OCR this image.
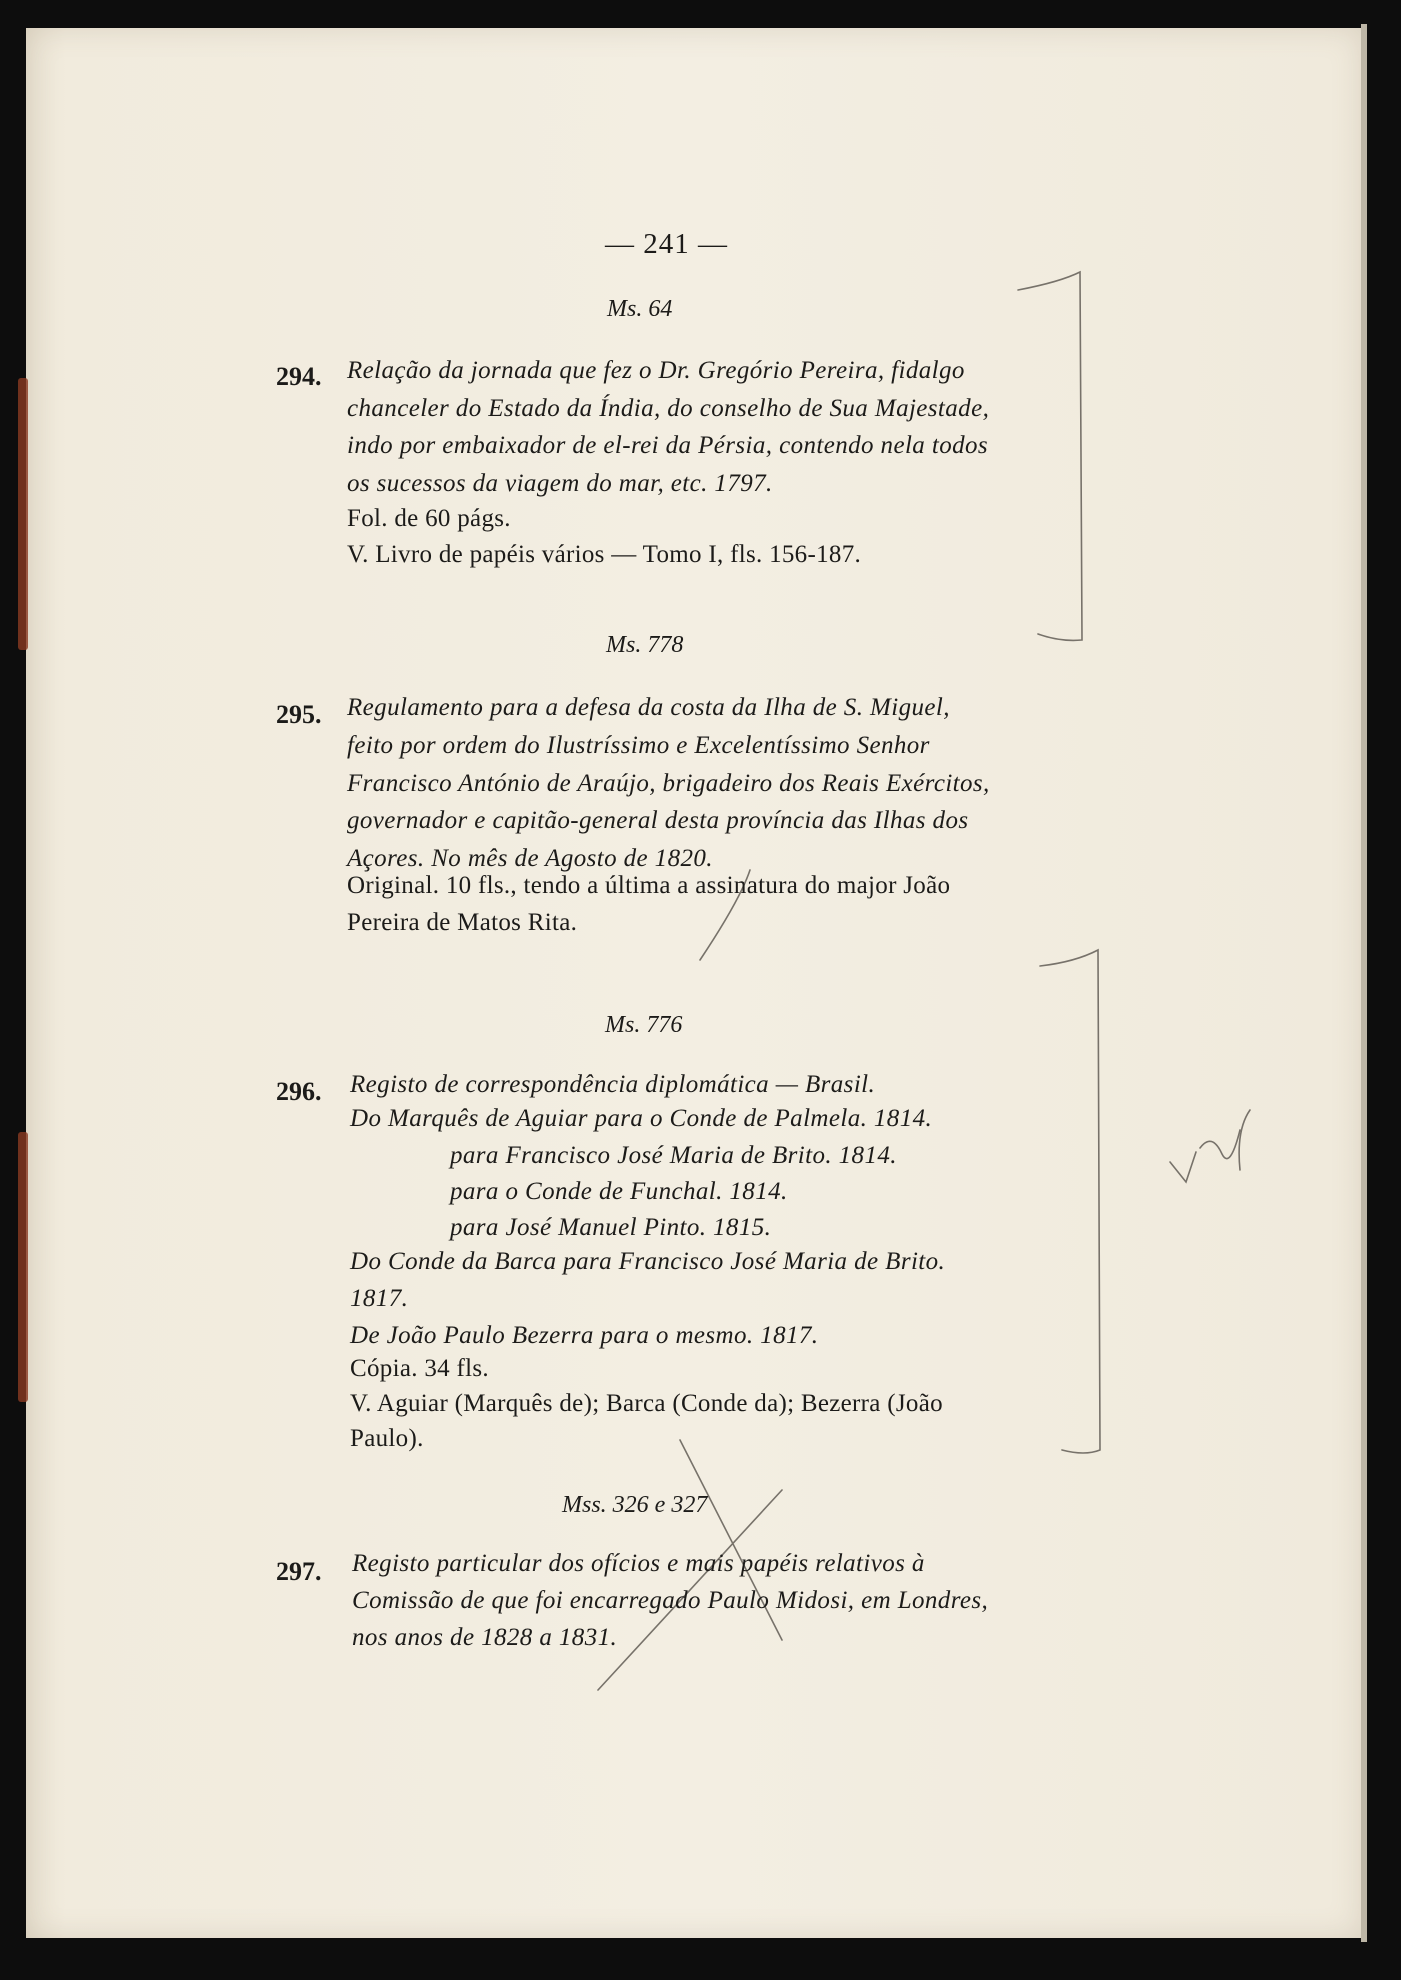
— 241 —
Ms. 64
294. Relação da jornada que fez o Dr. Gregório Pereira, fidalgo
chanceler do Estado da Índia, do conselho de Sua Majestade,
indo por embaixador de el-rei da Pérsia, contendo nela todos
os sucessos da viagem do mar, etc. 1797.
Fol. de 60 págs.
V. Livro de papéis vários — Tomo I, fls. 156-187.
Ms. 778
295. Regulamento para a defesa da costa da Ilha de S. Miguel,
feito por ordem do Ilustríssimo e Excelentíssimo Senhor
Francisco António de Araújo, brigadeiro dos Reais Exércitos,
governador e capitão-general desta província das Ilhas dos
Açores. No mês de Agosto de 1820.
Original. 10 fls., tendo a última a assinatura do major João
Pereira de Matos Rita.
Ms. 776
296. Registo de correspondência diplomática — Brasil.
Do Marquês de Aguiar para o Conde de Palmela. 1814.
para Francisco José Maria de Brito. 1814.
para o Conde de Funchal. 1814.
para José Manuel Pinto. 1815.
Do Conde da Barca para Francisco José Maria de Brito.
1817.
De João Paulo Bezerra para o mesmo. 1817.
Cópia. 34 fls.
V. Aguiar (Marquês de); Barca (Conde da); Bezerra (João
Paulo).
Mss. 326 e 327
297. Registo particular dos ofícios e mais papéis relativos à
Comissão de que foi encarregado Paulo Midosi, em Londres,
nos anos de 1828 a 1831.
